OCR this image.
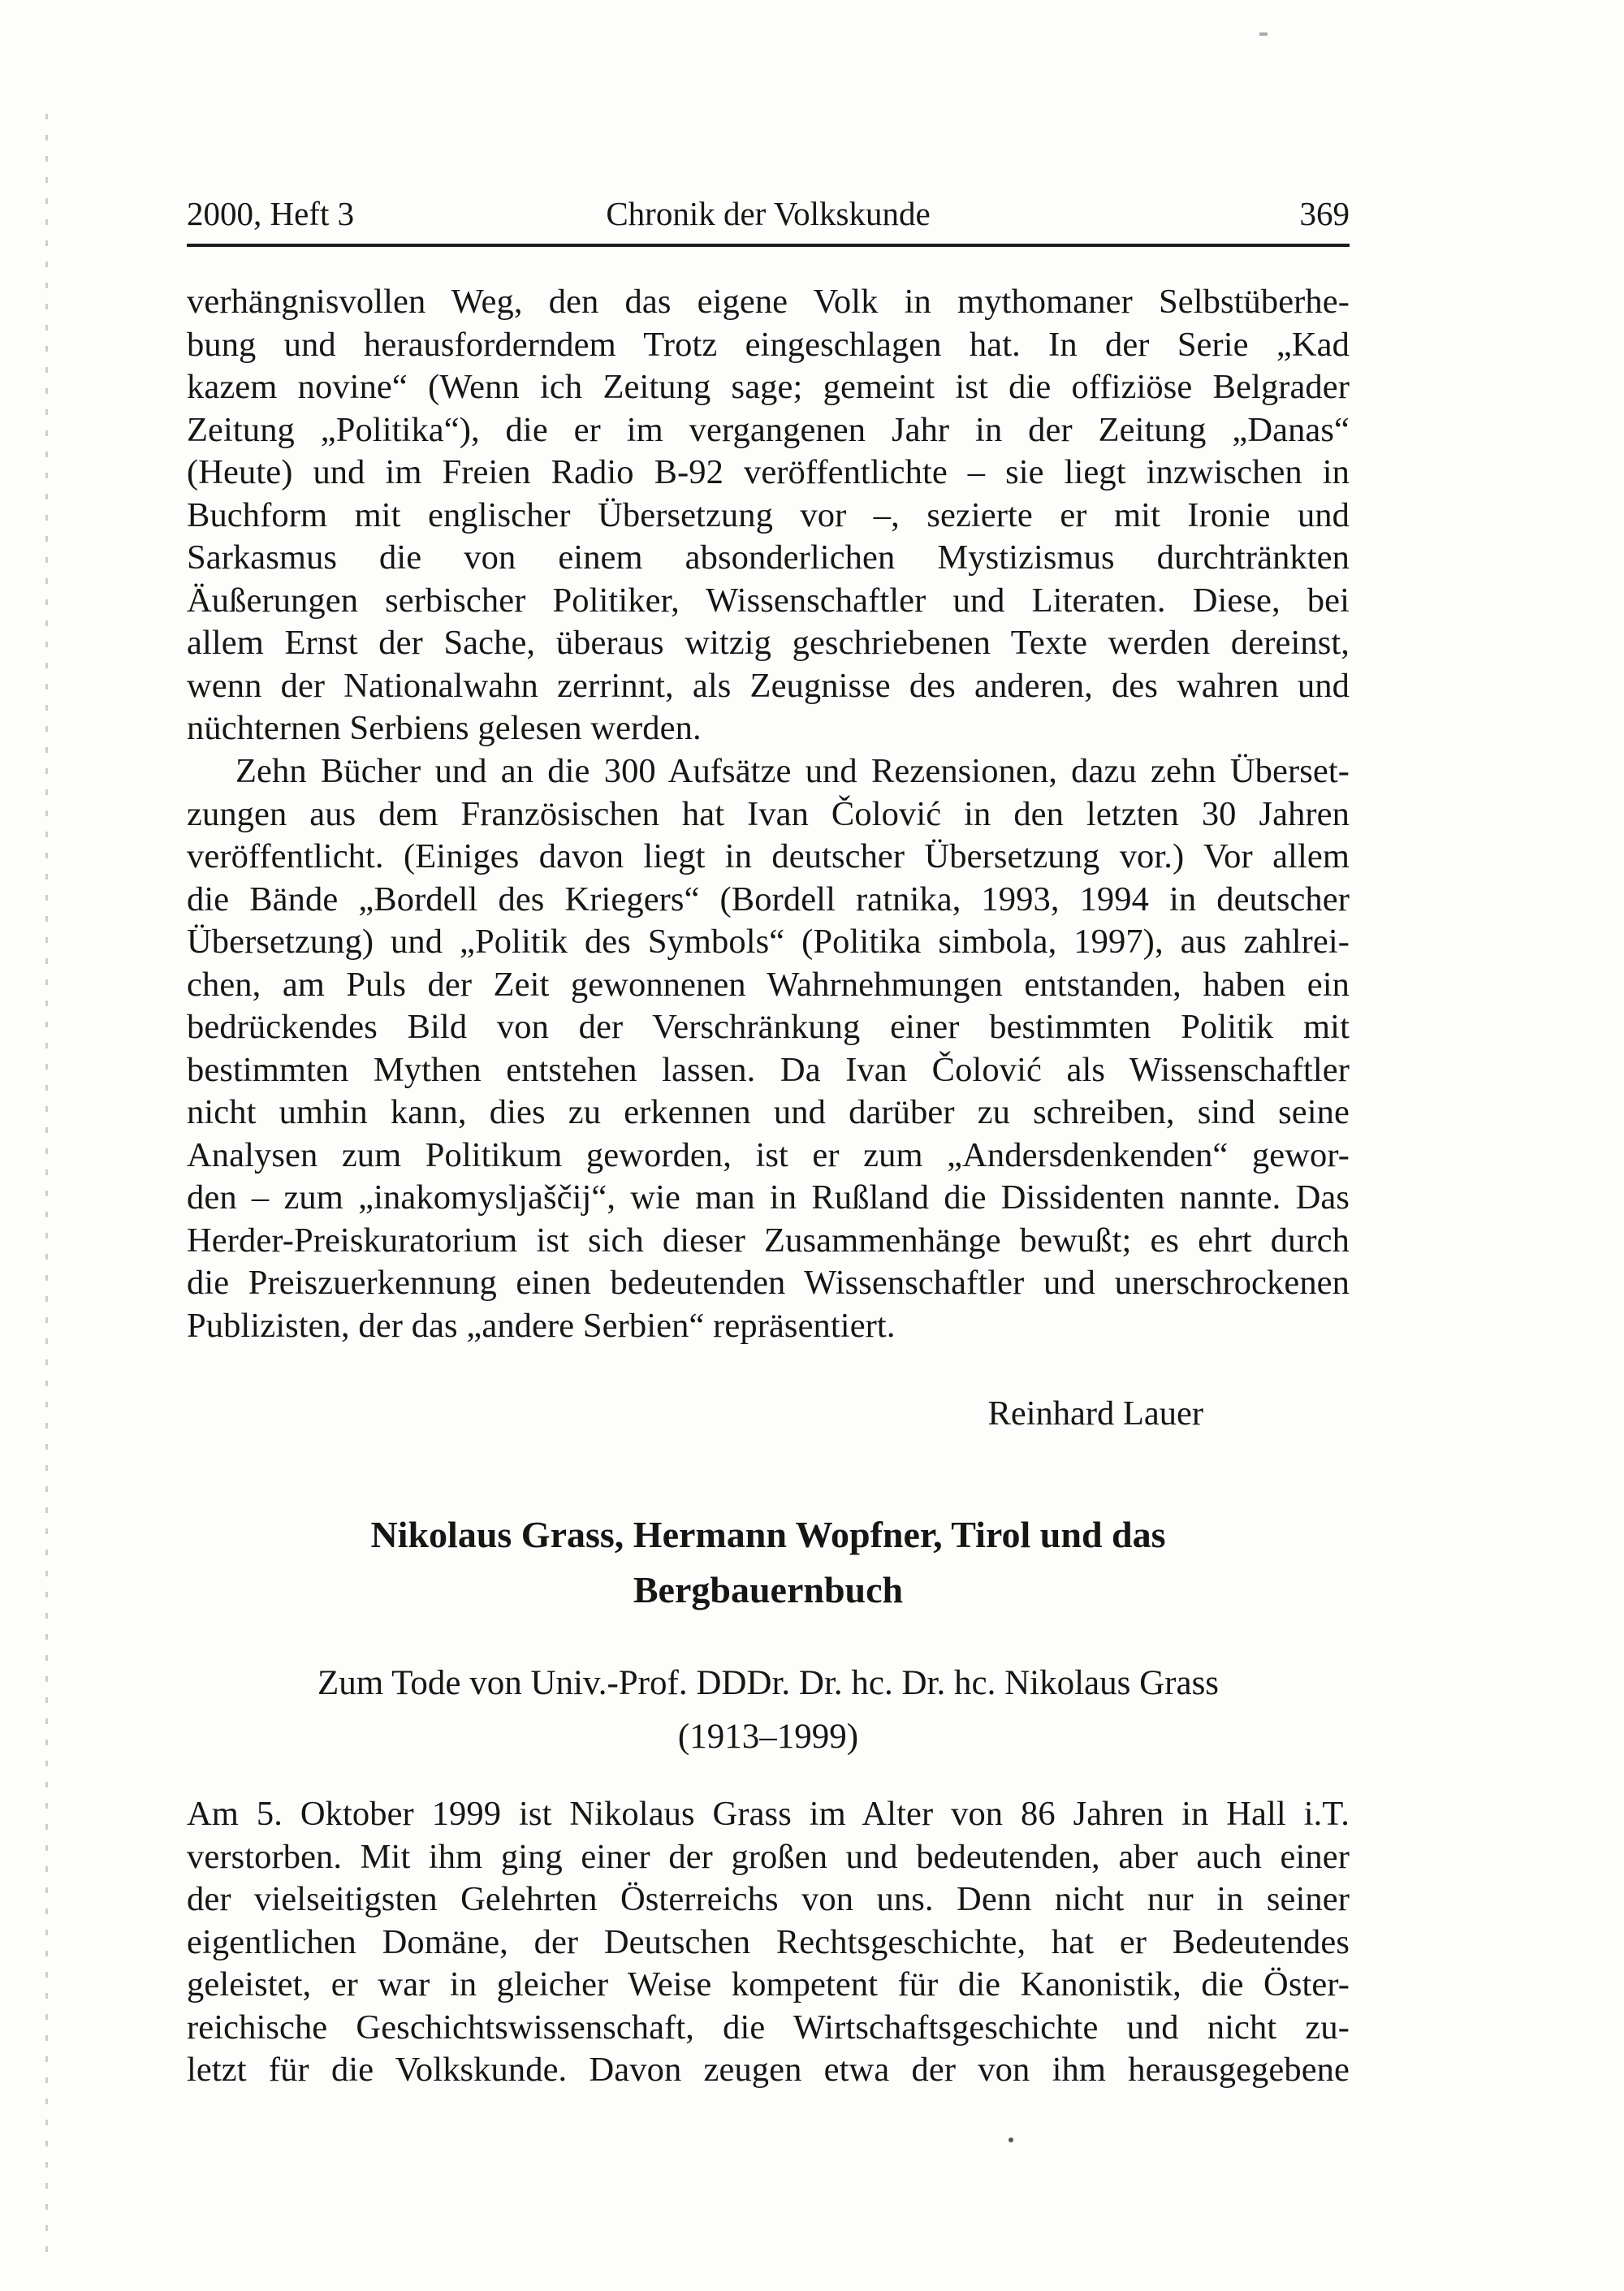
2000, Heft 3	Chronik der Volkskunde	369
verhängnisvollen Weg, den das eigene Volk in mythomaner Selbstüberhe-
bung und herausforderndem Trotz eingeschlagen hat. In der Serie „Kad
kazem novine“ (Wenn ich Zeitung sage; gemeint ist die offiziöse Belgrader
Zeitung „Politika“), die er im vergangenen Jahr in der Zeitung „Danas“
(Heute) und im Freien Radio B-92 veröffentlichte – sie liegt inzwischen in
Buchform mit englischer Übersetzung vor –, sezierte er mit Ironie und
Sarkasmus die von einem absonderlichen Mystizismus durchtränkten
Äußerungen serbischer Politiker, Wissenschaftler und Literaten. Diese, bei
allem Ernst der Sache, überaus witzig geschriebenen Texte werden dereinst,
wenn der Nationalwahn zerrinnt, als Zeugnisse des anderen, des wahren und
nüchternen Serbiens gelesen werden.
Zehn Bücher und an die 300 Aufsätze und Rezensionen, dazu zehn Überset-
zungen aus dem Französischen hat Ivan Čolović in den letzten 30 Jahren
veröffentlicht. (Einiges davon liegt in deutscher Übersetzung vor.) Vor allem
die Bände „Bordell des Kriegers“ (Bordell ratnika, 1993, 1994 in deutscher
Übersetzung) und „Politik des Symbols“ (Politika simbola, 1997), aus zahlrei-
chen, am Puls der Zeit gewonnenen Wahrnehmungen entstanden, haben ein
bedrückendes Bild von der Verschränkung einer bestimmten Politik mit
bestimmten Mythen entstehen lassen. Da Ivan Čolović als Wissenschaftler
nicht umhin kann, dies zu erkennen und darüber zu schreiben, sind seine
Analysen zum Politikum geworden, ist er zum „Andersdenkenden“ gewor-
den – zum „inakomysljaščij“, wie man in Rußland die Dissidenten nannte. Das
Herder-Preiskuratorium ist sich dieser Zusammenhänge bewußt; es ehrt durch
die Preiszuerkennung einen bedeutenden Wissenschaftler und unerschrockenen
Publizisten, der das „andere Serbien“ repräsentiert.
Reinhard Lauer
Nikolaus Grass, Hermann Wopfner, Tirol und das
Bergbauernbuch
Zum Tode von Univ.-Prof. DDDr. Dr. hc. Dr. hc. Nikolaus Grass
(1913–1999)
Am 5. Oktober 1999 ist Nikolaus Grass im Alter von 86 Jahren in Hall i.T.
verstorben. Mit ihm ging einer der großen und bedeutenden, aber auch einer
der vielseitigsten Gelehrten Österreichs von uns. Denn nicht nur in seiner
eigentlichen Domäne, der Deutschen Rechtsgeschichte, hat er Bedeutendes
geleistet, er war in gleicher Weise kompetent für die Kanonistik, die Öster-
reichische Geschichtswissenschaft, die Wirtschaftsgeschichte und nicht zu-
letzt für die Volkskunde. Davon zeugen etwa der von ihm herausgegebene
